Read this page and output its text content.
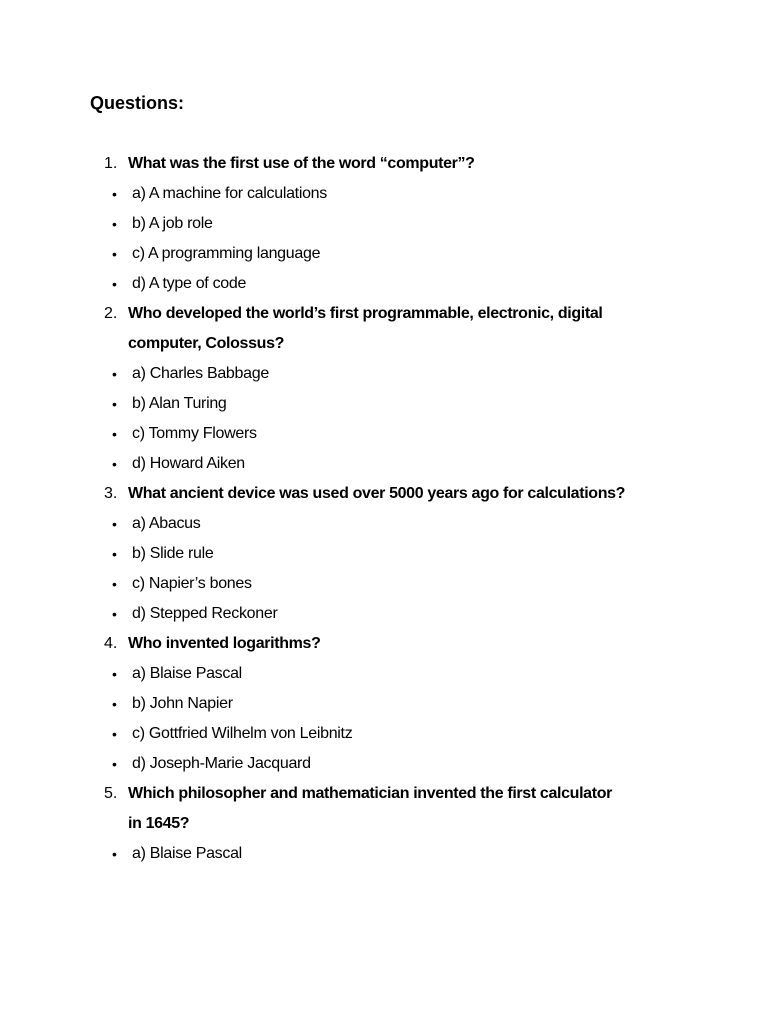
Questions:
1. What was the first use of the word “computer”?
• a) A machine for calculations
• b) A job role
• c) A programming language
• d) A type of code
2. Who developed the world’s first programmable, electronic, digital computer, Colossus?
• a) Charles Babbage
• b) Alan Turing
• c) Tommy Flowers
• d) Howard Aiken
3. What ancient device was used over 5000 years ago for calculations?
• a) Abacus
• b) Slide rule
• c) Napier’s bones
• d) Stepped Reckoner
4. Who invented logarithms?
• a) Blaise Pascal
• b) John Napier
• c) Gottfried Wilhelm von Leibnitz
• d) Joseph-Marie Jacquard
5. Which philosopher and mathematician invented the first calculator in 1645?
• a) Blaise Pascal
